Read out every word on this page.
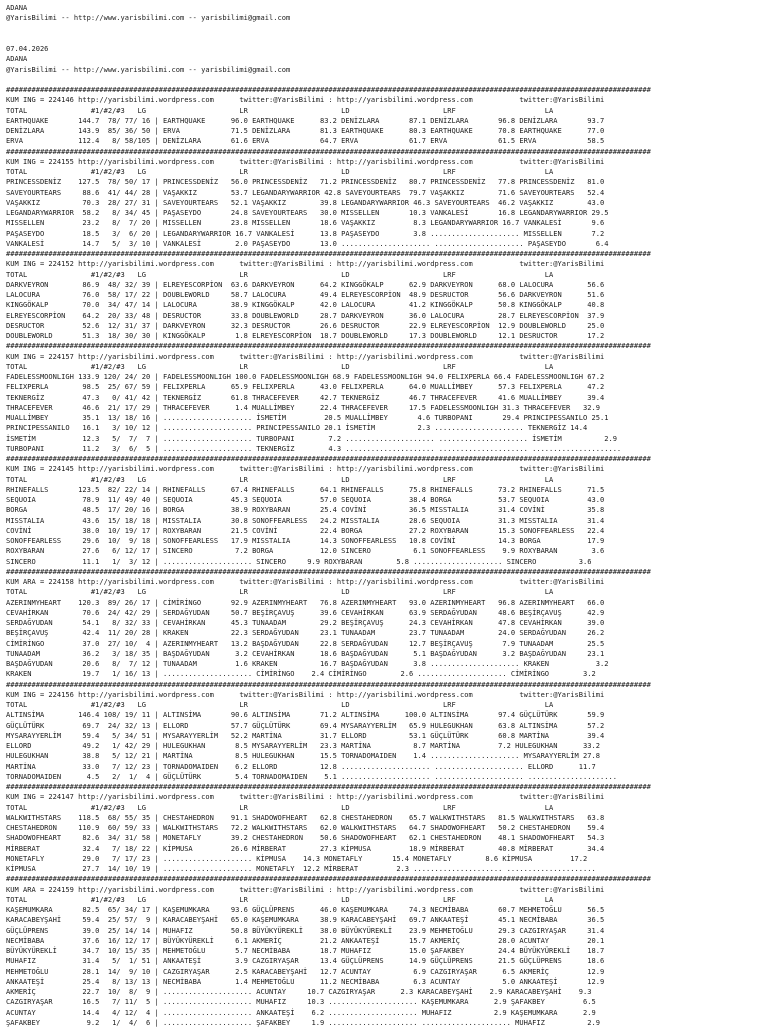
ADANA
@YarisBilimi -- http://www.yarisbilimi.com -- yarisbilimi@gmail.com
07.04.2026
ADANA
@YarisBilimi -- http://www.yarisbilimi.com -- yarisbilimi@gmail.com
########################################################################################################################################################
KUM ING = 224146 http://yarisbilimi.wordpress.com      twitter:@YarisBilimi : http://yarisbilimi.wordpress.com           twitter:@YarisBilimi
TOTAL               #1/#2/#3   LG                      LR                      LD                      LRF                     LA
EARTHQUAKE       144.7  78/ 77/ 16 | EARTHQUAKE      96.0 EARTHQUAKE      83.2 DENİZLARA       87.1 DENİZLARA       96.8 DENİZLARA       93.7
DENİZLARA        143.9  85/ 36/ 50 | ERVA            71.5 DENİZLARA       81.3 EARTHQUAKE      80.3 EARTHQUAKE      70.8 EARTHQUAKE      77.0
ERVA             112.4   8/ 58/105 | DENİZLARA       61.6 ERVA            64.7 ERVA            61.7 ERVA            61.5 ERVA            58.5
########################################################################################################################################################
KUM ING = 224155 http://yarisbilimi.wordpress.com      twitter:@YarisBilimi : http://yarisbilimi.wordpress.com           twitter:@YarisBilimi
TOTAL               #1/#2/#3   LG                      LR                      LD                      LRF                     LA
PRINCESSDENİZ    127.5  78/ 50/ 17 | PRINCESSDENİZ   56.0 PRINCESSDENİZ   71.2 PRINCESSDENİZ   80.7 PRINCESSDENİZ   77.8 PRINCESSDENİZ   81.0
SAVEYOURTEARS     88.6  41/ 44/ 28 | VAŞAKKIZ        53.7 LEGANDARYWARRIOR 42.8 SAVEYOURTEARS  79.7 VAŞAKKIZ        71.6 SAVEYOURTEARS   52.4
VAŞAKKIZ          70.3  28/ 27/ 31 | SAVEYOURTEARS   52.1 VAŞAKKIZ        39.8 LEGANDARYWARRIOR 46.3 SAVEYOURTEARS  46.2 VAŞAKKIZ        43.0
LEGANDARYWARRIOR  58.2   8/ 34/ 45 | PAŞASEYDO       24.8 SAVEYOURTEARS   30.0 MISSELLEN       10.3 VANKALESİ       16.8 LEGANDARYWARRIOR 29.5
MISSELLEN         23.2   8/  7/ 20 | MISSELLEN       23.8 MISSELLEN       18.6 VAŞAKKIZ         8.3 LEGANDARYWARRIOR 16.7 VANKALESİ       9.6
PAŞASEYDO         18.5   3/  6/ 20 | LEGANDARYWARRIOR 16.7 VANKALESİ      13.8 PAŞASEYDO        3.8 ..................... MISSELLEN       7.2
VANKALESİ         14.7   5/  3/ 10 | VANKALESİ        2.0 PAŞASEYDO       13.0 ..................... ..................... PAŞASEYDO       6.4
########################################################################################################################################################
KUM ING = 224152 http://yarisbilimi.wordpress.com      twitter:@YarisBilimi : http://yarisbilimi.wordpress.com           twitter:@YarisBilimi
TOTAL               #1/#2/#3   LG                      LR                      LD                      LRF                     LA
DARKVEYRON        86.9  48/ 32/ 39 | ELREYESCORPİON  63.6 DARKVEYRON      64.2 KINGGÖKALP      62.9 DARKVEYRON      68.0 LALOCURA        56.6
LALOCURA          76.0  58/ 17/ 22 | DOUBLEWORLD     58.7 LALOCURA        49.4 ELREYESCORPİON  48.9 DESRUCTOR       56.6 DARKVEYRON      51.6
KINGGÖKALP        70.0  34/ 47/ 14 | LALOCURA        38.9 KINGGÖKALP      42.0 LALOCURA        41.2 KINGGÖKALP      50.8 KINGGÖKALP      40.8
ELREYESCORPİON    64.2  20/ 33/ 48 | DESRUCTOR       33.8 DOUBLEWORLD     28.7 DARKVEYRON      36.0 LALOCURA        28.7 ELREYESCORPİON  37.9
DESRUCTOR         52.6  12/ 31/ 37 | DARKVEYRON      32.3 DESRUCTOR       26.6 DESRUCTOR       22.9 ELREYESCORPİON  12.9 DOUBLEWORLD     25.0
DOUBLEWORLD       51.3  18/ 30/ 30 | KINGGÖKALP       1.8 ELREYESCORPİON  18.7 DOUBLEWORLD     17.3 DOUBLEWORLD     12.1 DESRUCTOR       17.2
########################################################################################################################################################
KUM ING = 224157 http://yarisbilimi.wordpress.com      twitter:@YarisBilimi : http://yarisbilimi.wordpress.com           twitter:@YarisBilimi
TOTAL               #1/#2/#3   LG                      LR                      LD                      LRF                     LA
FADELESSMOONLIGH 133.9 120/ 24/ 20 | FADELESSMOONLIGH 100.0 FADELESSMOONLIGH 68.9 FADELESSMOONLIGH 94.0 FELIXPERLA 66.4 FADELESSMOONLIGH 67.2
FELIXPERLA        98.5  25/ 67/ 59 | FELIXPERLA      65.9 FELIXPERLA      43.0 FELIXPERLA      64.0 MUALLİMBEY      57.3 FELIXPERLA      47.2
TEKNERGİZ         47.3   0/ 41/ 42 | TEKNERGİZ       61.8 THRACEFEVER     42.7 TEKNERGİZ       46.7 THRACEFEVER     41.6 MUALLİMBEY      39.4
THRACEFEVER       46.6  21/ 17/ 29 | THRACEFEVER      1.4 MUALLİMBEY      22.4 THRACEFEVER     17.5 FADELESSMOONLIGH 31.3 THRACEFEVER   32.9
MUALLİMBEY        35.1  13/ 18/ 16 | ..................... İSMETİM         20.5 MUALLİMBEY       4.6 TURBOPANI       29.4 PRINCIPESSANILO 25.1
PRINCIPESSANILO   16.1   3/ 10/ 12 | ..................... PRINCIPESSANILO 20.1 İSMETİM          2.3 ..................... TEKNERGİZ 14.4
İSMETİM           12.3   5/  7/  7 | ..................... TURBOPANI        7.2 ..................... ..................... İSMETİM          2.9
TURBOPANI         11.2   3/  6/  5 | ..................... TEKNERGİZ        4.3 ..................... ..................... .....................
########################################################################################################################################################
KUM ING = 224145 http://yarisbilimi.wordpress.com      twitter:@YarisBilimi : http://yarisbilimi.wordpress.com           twitter:@YarisBilimi
TOTAL               #1/#2/#3   LG                      LR                      LD                      LRF                     LA
RHINEFALLS       123.5  82/ 22/ 14 | RHINEFALLS      67.4 RHINEFALLS      64.1 RHINEFALLS      75.8 RHINEFALLS      73.2 RHINEFALLS      71.5
SEQUOIA           78.9  11/ 49/ 40 | SEQUOIA         45.3 SEQUOIA         57.0 SEQUOIA         38.4 BORGA           53.7 SEQUOIA         43.0
BORGA             48.5  17/ 20/ 16 | BORGA           38.9 ROXYBARAN       25.4 COVİNİ          36.5 MISSTALIA       31.4 COVİNİ          35.8
MISSTALIA         43.6  15/ 18/ 18 | MISSTALIA       30.8 SONOFFEARLESS   24.2 MISSTALIA       28.6 SEQUOIA         31.3 MISSTALIA       31.4
COVİNİ            38.0  10/ 19/ 17 | ROXYBARAN       21.5 COVİNİ          22.4 BORGA           27.2 ROXYBARAN       15.3 SONOFFEARLESS   22.4
SONOFFEARLESS     29.6  10/  9/ 18 | SONOFFEARLESS   17.9 MISSTALIA       14.3 SONOFFEARLESS   10.8 COVİNİ          14.3 BORGA           17.9
ROXYBARAN         27.6   6/ 12/ 17 | SINCERO          7.2 BORGA           12.0 SINCERO          6.1 SONOFFEARLESS    9.9 ROXYBARAN        3.6
SINCERO           11.1   1/  3/ 12 | ..................... SINCERO     9.9 ROXYBARAN        5.8 ..................... SINCERO          3.6
########################################################################################################################################################
KUM ARA = 224158 http://yarisbilimi.wordpress.com      twitter:@YarisBilimi : http://yarisbilimi.wordpress.com           twitter:@YarisBilimi
TOTAL               #1/#2/#3   LG                      LR                      LD                      LRF                     LA
AZERINMYHEART    120.3  89/ 26/ 17 | CİMİRİNGO       92.9 AZERINMYHEART   76.8 AZERINMYHEART   93.0 AZERINMYHEART   96.8 AZERINMYHEART   66.0
CEVAHİRKAN        70.6  24/ 42/ 29 | SERDAĞYUDAN     50.7 BEŞİRÇAVUŞ      39.6 CEVAHİRKAN      63.9 SERDAĞYUDAN     48.6 BEŞİRÇAVUŞ      42.9
SERDAĞYUDAN       54.1   8/ 32/ 33 | CEVAHİRKAN      45.3 TUNAADAM        29.2 BEŞİRÇAVUŞ      24.3 CEVAHİRKAN      47.8 CEVAHİRKAN      39.0
BEŞİRÇAVUŞ        42.4  11/ 20/ 28 | KRAKEN          22.3 SERDAĞYUDAN     23.1 TUNAADAM        23.7 TUNAADAM        24.0 SERDAĞYUDAN     26.2
CİMİRİNGO         37.0  27/ 10/  4 | AZERINMYHEART   13.2 BAŞDAĞYUDAN     22.8 SERDAĞYUDAN     12.7 BEŞİRÇAVUŞ       7.9 TUNAADAM        25.5
TUNAADAM          36.2   3/ 18/ 35 | BAŞDAĞYUDAN      3.2 CEVAHİRKAN      18.6 BAŞDAĞYUDAN      5.1 BAŞDAĞYUDAN      3.2 BAŞDAĞYUDAN     23.1
BAŞDAĞYUDAN       20.6   8/  7/ 12 | TUNAADAM         1.6 KRAKEN          16.7 BAŞDAĞYUDAN      3.8 ..................... KRAKEN           3.2
KRAKEN            19.7   1/ 16/ 13 | ..................... CİMİRİNGO    2.4 CİMİRİNGO        2.6 ..................... CİMİRİNGO        3.2
########################################################################################################################################################
KUM ING = 224156 http://yarisbilimi.wordpress.com      twitter:@YarisBilimi : http://yarisbilimi.wordpress.com           twitter:@YarisBilimi
TOTAL               #1/#2/#3   LG                      LR                      LD                      LRF                     LA
ALTINSİMA        146.4 108/ 19/ 11 | ALTINSİMA       90.6 ALTINSİMA       71.2 ALTINSİMA      100.0 ALTINSİMA       97.4 GÜÇLÜTÜRK       59.9
GÜÇLÜTÜRK         69.7  24/ 32/ 13 | ELLORD          57.7 GÜÇLÜTÜRK       69.4 MYSARAYYERLİM   65.9 HULEGUKHAN      63.8 ALTINSİMA       57.2
MYSARAYYERLİM     59.4   5/ 34/ 51 | MYSARAYYERLİM   52.2 MARTİNA         31.7 ELLORD          53.1 GÜÇLÜTÜRK       60.8 MARTİNA         39.4
ELLORD            49.2   1/ 42/ 29 | HULEGUKHAN       8.5 MYSARAYYERLİM   23.3 MARTİNA          8.7 MARTİNA         7.2 HULEGUKHAN      33.2
HULEGUKHAN        38.8   5/ 12/ 21 | MARTİNA          8.5 HULEGUKHAN      15.5 TORNADOMAIDEN    1.4 ..................... MYSARAYYERLİM 27.8
MARTİNA           33.0   7/ 12/ 23 | TORNADOMAIDEN    6.2 ELLORD          12.8 ..................... ..................... ELLORD      11.7
TORNADOMAIDEN      4.5   2/  1/  4 | GÜÇLÜTÜRK        5.4 TORNADOMAIDEN    5.1 ..................... ..................... .....................
########################################################################################################################################################
KUM ING = 224147 http://yarisbilimi.wordpress.com      twitter:@YarisBilimi : http://yarisbilimi.wordpress.com           twitter:@YarisBilimi
TOTAL               #1/#2/#3   LG                      LR                      LD                      LRF                     LA
WALKWITHSTARS    118.5  68/ 55/ 35 | CHESTAHEDRON    91.1 SHADOWOFHEART   62.8 CHESTAHEDRON    65.7 WALKWITHSTARS   81.5 WALKWITHSTARS   63.8
CHESTAHEDRON     110.9  60/ 59/ 33 | WALKWITHSTARS   72.2 WALKWITHSTARS   62.0 WALKWITHSTARS   64.7 SHADOWOFHEART   50.2 CHESTAHEDRON    59.4
SHADOWOFHEART     82.6  34/ 31/ 58 | MONETAFLY       39.2 CHESTAHEDRON    50.6 SHADOWOFHEART   62.1 CHESTAHEDRON    48.1 SHADOWOFHEART   54.3
MİRBERAT          32.4   7/ 18/ 22 | KİPMUSA         26.6 MİRBERAT        27.3 KİPMUSA         18.9 MİRBERAT        40.8 MİRBERAT        34.4
MONETAFLY         29.0   7/ 17/ 23 | ..................... KİPMUSA    14.3 MONETAFLY       15.4 MONETAFLY        8.6 KİPMUSA         17.2
KİPMUSA           27.7  14/ 10/ 19 | ..................... MONETAFLY  12.2 MİRBERAT         2.3 ..................... .....................
########################################################################################################################################################
KUM ARA = 224159 http://yarisbilimi.wordpress.com      twitter:@YarisBilimi : http://yarisbilimi.wordpress.com           twitter:@YarisBilimi
TOTAL               #1/#2/#3   LG                      LR                      LD                      LRF                     LA
KAŞEMUMKARA       82.5  65/ 34/ 17 | KAŞEMUMKARA     93.6 GÜÇLÜPRENS      46.0 KAŞEMUMKARA     74.3 NECMİBABA       60.7 MEHMETOĞLU      56.5
KARACABEYŞAHİ     59.4  25/ 57/  9 | KARACABEYŞAHİ   65.0 KAŞEMUMKARA     38.9 KARACABEYŞAHİ   69.7 ANKAATEŞİ       45.1 NECMİBABA       36.5
GÜÇLÜPRENS        39.0  25/ 14/ 14 | MUHAFIZ         50.8 BÜYÜKYÜREKLİ    38.0 BÜYÜKYÜREKLİ    23.9 MEHMETOĞLU      29.3 CAZGIRYAŞAR     31.4
NECMİBABA         37.6  16/ 12/ 17 | BÜYÜKYÜREKLİ     6.1 AKMERİÇ         21.2 ANKAATEŞİ       15.7 AKMERİÇ         28.0 ACUNTAY         20.1
BÜYÜKYÜREKLİ      34.7  10/ 15/ 35 | MEHMETOĞLU       5.7 NECMİBABA       18.7 MUHAFIZ         15.0 ŞAFAKBEY        24.4 BÜYÜKYÜREKLİ    18.7
MUHAFIZ           31.4   5/  1/ 51 | ANKAATEŞİ        3.9 CAZGIRYAŞAR     13.4 GÜÇLÜPRENS      14.9 GÜÇLÜPRENS      21.5 GÜÇLÜPRENS      18.6
MEHMETOĞLU        28.1  14/  9/ 10 | CAZGIRYAŞAR      2.5 KARACABEYŞAHİ   12.7 ACUNTAY          6.9 CAZGIRYAŞAR      6.5 AKMERİÇ         12.9
ANKAATEŞİ         25.4   8/ 13/ 13 | NECMİBABA        1.4 MEHMETOĞLU      11.2 NECMİBABA        6.3 ACUNTAY          5.0 ANKAATEŞİ       12.9
AKMERİÇ           22.7  10/  8/  9 | ..................... ACUNTAY     10.7 CAZGIRYAŞAR      2.3 KARACABEYŞAHİ    2.9 KARACABEYŞAHİ    9.3
CAZGIRYAŞAR       16.5   7/ 11/  5 | ..................... MUHAFIZ     10.3 ..................... KAŞEMUMKARA      2.9 ŞAFAKBEY         6.5
ACUNTAY           14.4   4/ 12/  4 | ..................... ANKAATEŞİ    6.2 ..................... MUHAFIZ          2.9 KAŞEMUMKARA      2.9
ŞAFAKBEY           9.2   1/  4/  6 | ..................... ŞAFAKBEY     1.9 ..................... ..................... MUHAFIZ          2.9
